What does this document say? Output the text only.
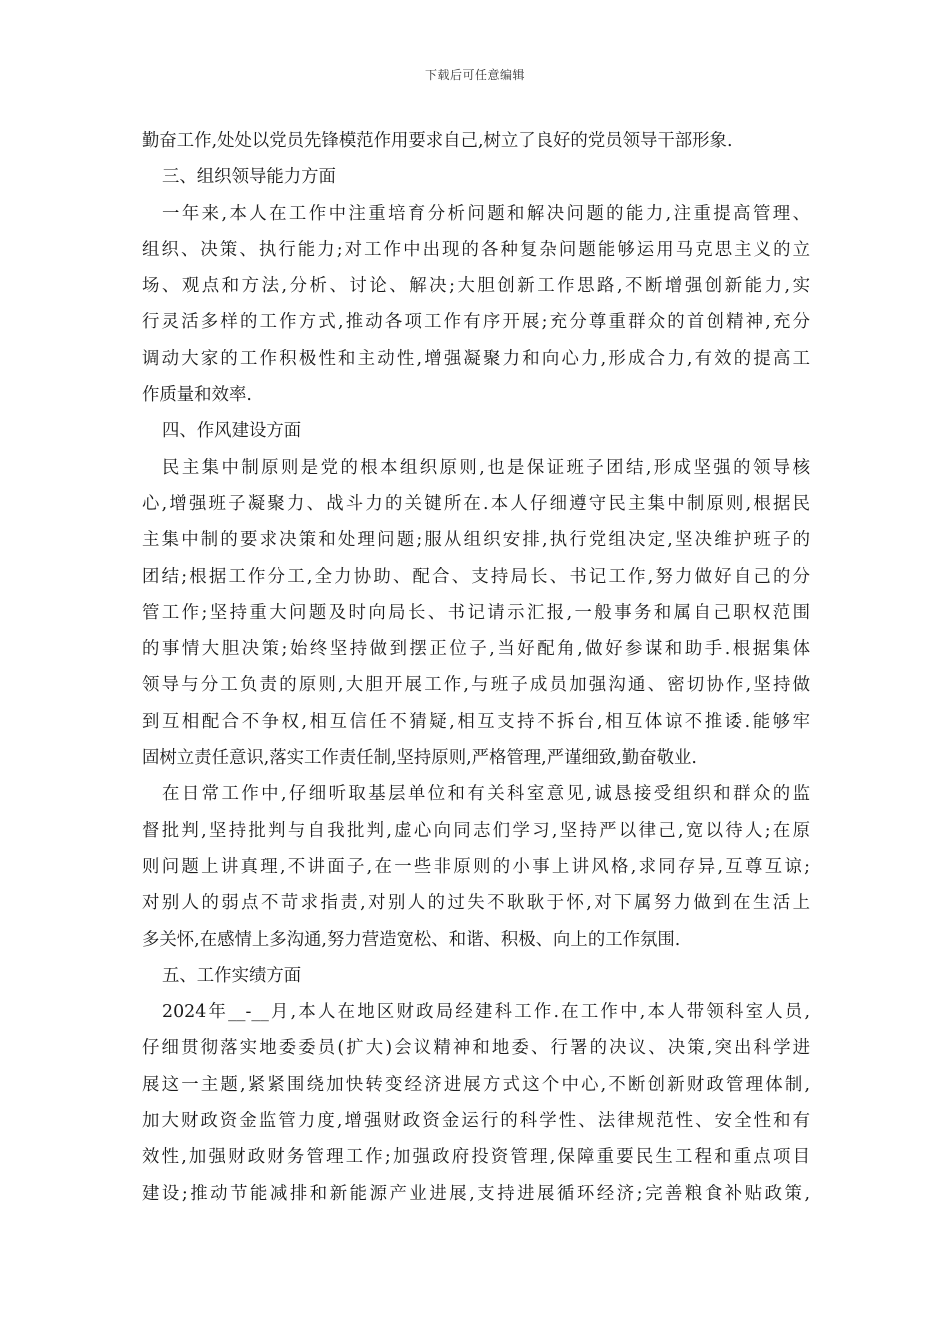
下载后可任意编辑
勤奋工作,处处以党员先锋模范作用要求自己,树立了良好的党员领导干部形象.
三、组织领导能力方面
一年来,本人在工作中注重培育分析问题和解决问题的能力,注重提高管理、
组织、决策、执行能力;对工作中出现的各种复杂问题能够运用马克思主义的立
场、观点和方法,分析、讨论、解决;大胆创新工作思路,不断增强创新能力,实
行灵活多样的工作方式,推动各项工作有序开展;充分尊重群众的首创精神,充分
调动大家的工作积极性和主动性,增强凝聚力和向心力,形成合力,有效的提高工
作质量和效率.
四、作风建设方面
民主集中制原则是党的根本组织原则,也是保证班子团结,形成坚强的领导核
心,增强班子凝聚力、战斗力的关键所在.本人仔细遵守民主集中制原则,根据民
主集中制的要求决策和处理问题;服从组织安排,执行党组决定,坚决维护班子的
团结;根据工作分工,全力协助、配合、支持局长、书记工作,努力做好自己的分
管工作;坚持重大问题及时向局长、书记请示汇报,一般事务和属自己职权范围
的事情大胆决策;始终坚持做到摆正位子,当好配角,做好参谋和助手.根据集体
领导与分工负责的原则,大胆开展工作,与班子成员加强沟通、密切协作,坚持做
到互相配合不争权,相互信任不猜疑,相互支持不拆台,相互体谅不推诿.能够牢
固树立责任意识,落实工作责任制,坚持原则,严格管理,严谨细致,勤奋敬业.
在日常工作中,仔细听取基层单位和有关科室意见,诚恳接受组织和群众的监
督批判,坚持批判与自我批判,虚心向同志们学习,坚持严以律己,宽以待人;在原
则问题上讲真理,不讲面子,在一些非原则的小事上讲风格,求同存异,互尊互谅;
对别人的弱点不苛求指责,对别人的过失不耿耿于怀,对下属努力做到在生活上
多关怀,在感情上多沟通,努力营造宽松、和谐、积极、向上的工作氛围.
五、工作实绩方面
2024年__-__月,本人在地区财政局经建科工作.在工作中,本人带领科室人员,
仔细贯彻落实地委委员(扩大)会议精神和地委、行署的决议、决策,突出科学进
展这一主题,紧紧围绕加快转变经济进展方式这个中心,不断创新财政管理体制,
加大财政资金监管力度,增强财政资金运行的科学性、法律规范性、安全性和有
效性,加强财政财务管理工作;加强政府投资管理,保障重要民生工程和重点项目
建设;推动节能减排和新能源产业进展,支持进展循环经济;完善粮食补贴政策,
